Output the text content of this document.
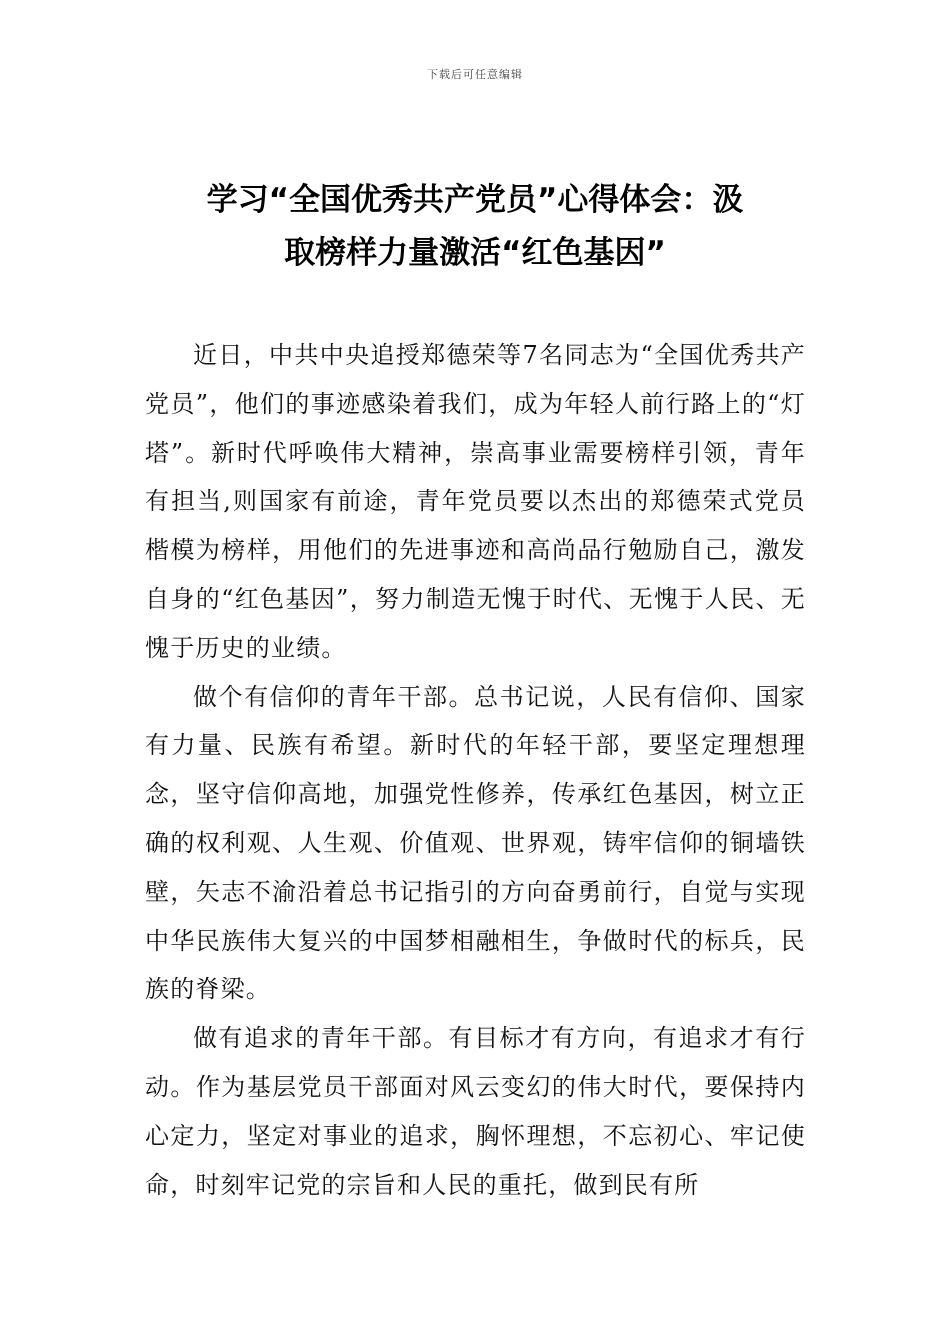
下载后可任意编辑
学习“全国优秀共产党员”心得体会：汲
取榜样力量激活“红色基因”

近日，中共中央追授郑德荣等7名同志为“全国优秀共产党员”，他们的事迹感染着我们，成为年轻人前行路上的“灯塔”。新时代呼唤伟大精神，崇高事业需要榜样引领，青年有担当,则国家有前途，青年党员要以杰出的郑德荣式党员楷模为榜样，用他们的先进事迹和高尚品行勉励自己，激发自身的“红色基因”，努力制造无愧于时代、无愧于人民、无愧于历史的业绩。

做个有信仰的青年干部。总书记说，人民有信仰、国家有力量、民族有希望。新时代的年轻干部，要坚定理想理念，坚守信仰高地，加强党性修养，传承红色基因，树立正确的权利观、人生观、价值观、世界观，铸牢信仰的铜墙铁壁，矢志不渝沿着总书记指引的方向奋勇前行，自觉与实现中华民族伟大复兴的中国梦相融相生，争做时代的标兵，民族的脊梁。

做有追求的青年干部。有目标才有方向，有追求才有行动。作为基层党员干部面对风云变幻的伟大时代，要保持内心定力，坚定对事业的追求，胸怀理想，不忘初心、牢记使命，时刻牢记党的宗旨和人民的重托，做到民有所
